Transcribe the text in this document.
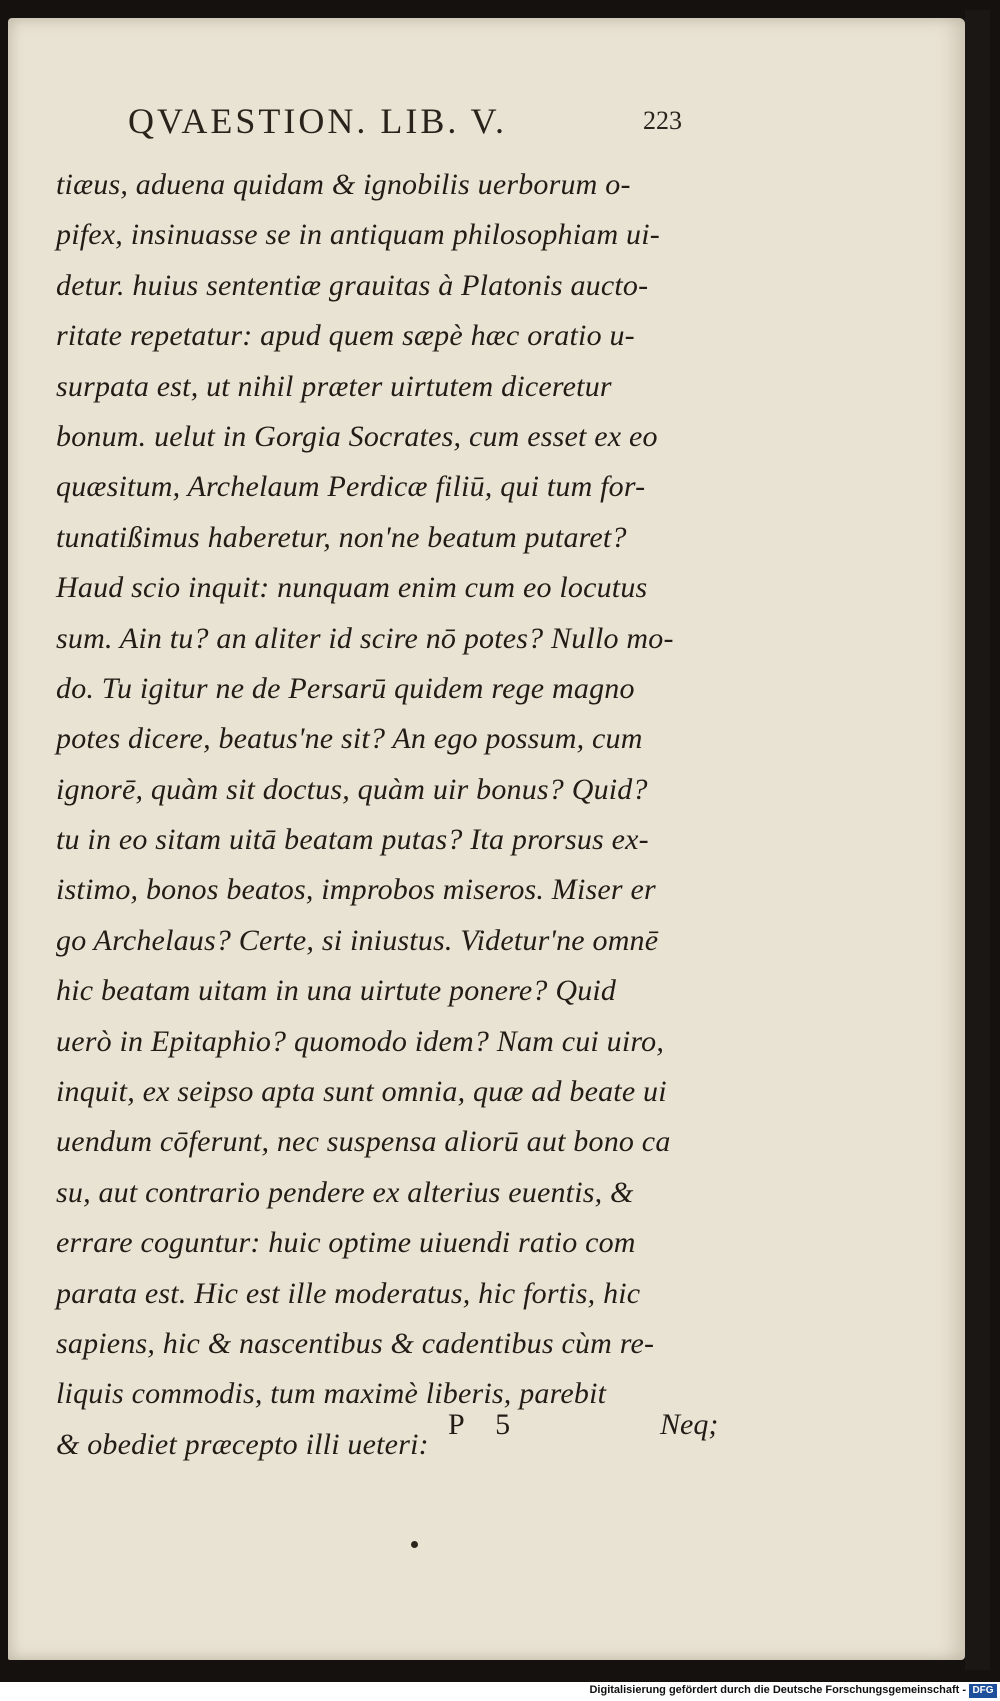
QVAESTION. LIB. V.	223
tiæus, aduena quidam & ignobilis uerborum o-
pifex, insinuasse se in antiquam philosophiam ui-
detur. huius sententiæ grauitas à Platonis aucto-
ritate repetatur: apud quem sæpè hæc oratio u-
surpata est, ut nihil præter uirtutem diceretur
bonum. uelut in Gorgia Socrates, cum esset ex eo
quæsitum, Archelaum Perdicæ filiū, qui tum for-
tunatißimus haberetur, non'ne beatum putaret?
Haud scio inquit: nunquam enim cum eo locutus
sum. Ain tu? an aliter id scire nō potes? Nullo mo-
do. Tu igitur ne de Persarū quidem rege magno
potes dicere, beatus'ne sit? An ego possum, cum
ignorē, quàm sit doctus, quàm uir bonus? Quid?
tu in eo sitam uitā beatam putas? Ita prorsus ex-
istimo, bonos beatos, improbos miseros. Miser er
go Archelaus? Certe, si iniustus. Videtur'ne omnē
hic beatam uitam in una uirtute ponere? Quid
uerò in Epitaphio? quomodo idem? Nam cui uiro,
inquit, ex seipso apta sunt omnia, quæ ad beate ui
uendum cōferunt, nec suspensa aliorū aut bono ca
su, aut contrario pendere ex alterius euentis, &
errare coguntur: huic optime uiuendi ratio com
parata est. Hic est ille moderatus, hic fortis, hic
sapiens, hic & nascentibus & cadentibus cùm re-
liquis commodis, tum maximè liberis, parebit
& obediet præcepto illi ueteri:
P 5	Neq;
Digitalisierung gefördert durch die Deutsche Forschungsgemeinschaft - DFG
